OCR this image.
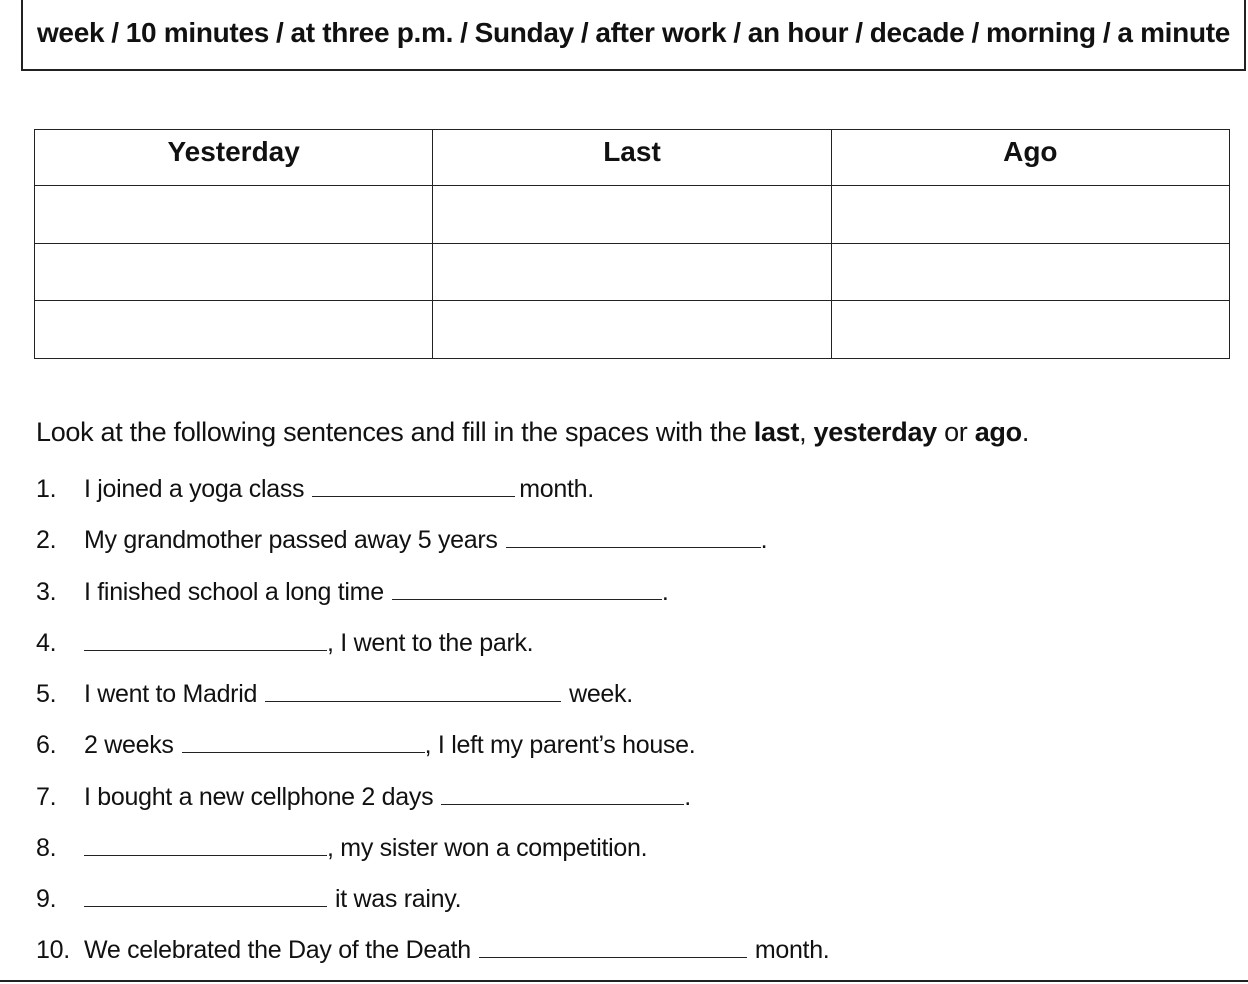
week / 10 minutes / at three p.m. / Sunday / after work / an hour / decade / morning / a minute
Yesterday	Last	Ago

Look at the following sentences and fill in the spaces with the last, yesterday or ago.
1.	I joined a yoga class	month.
2.	My grandmother passed away 5 years	.
3.	I finished school a long time	.
4.	, I went to the park.
5.	I went to Madrid	week.
6.	2 weeks	, I left my parent’s house.
7.	I bought a new cellphone 2 days	.
8.	, my sister won a competition.
9.	it was rainy.
10. We celebrated the Day of the Death	month.
